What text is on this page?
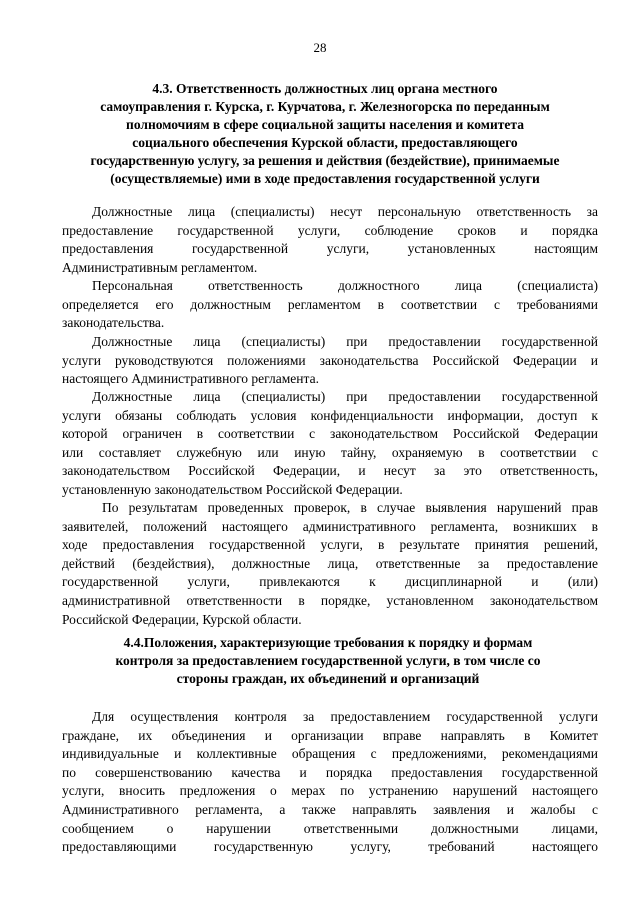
28
4.3. Ответственность должностных лиц органа местного
самоуправления г. Курска, г. Курчатова, г. Железногорска по переданным
полномочиям в сфере социальной защиты населения и комитета
социального обеспечения Курской области, предоставляющего
государственную услугу, за решения и действия (бездействие), принимаемые
(осуществляемые) ими в ходе предоставления государственной услуги
Должностные лица (специалисты) несут персональную ответственность за
предоставление государственной услуги, соблюдение сроков и порядка
предоставления государственной услуги, установленных настоящим
Административным регламентом.
Персональная ответственность должностного лица (специалиста)
определяется его должностным регламентом в соответствии с требованиями
законодательства.
Должностные лица (специалисты) при предоставлении государственной
услуги руководствуются положениями законодательства Российской Федерации и
настоящего Административного регламента.
Должностные лица (специалисты) при предоставлении государственной
услуги обязаны соблюдать условия конфиденциальности информации, доступ к
которой ограничен в соответствии с законодательством Российской Федерации
или составляет служебную или иную тайну, охраняемую в соответствии с
законодательством Российской Федерации, и несут за это ответственность,
установленную законодательством Российской Федерации.
По результатам проведенных проверок, в случае выявления нарушений прав
заявителей, положений настоящего административного регламента, возникших в
ходе предоставления государственной услуги, в результате принятия решений,
действий (бездействия), должностные лица, ответственные за предоставление
государственной услуги, привлекаются к дисциплинарной и (или)
административной ответственности в порядке, установленном законодательством
Российской Федерации, Курской области.
4.4.Положения, характеризующие требования к порядку и формам
контроля за предоставлением государственной услуги, в том числе со
стороны граждан, их объединений и организаций
Для осуществления контроля за предоставлением государственной услуги
граждане, их объединения и организации вправе направлять в Комитет
индивидуальные и коллективные обращения с предложениями, рекомендациями
по совершенствованию качества и порядка предоставления государственной
услуги, вносить предложения о мерах по устранению нарушений настоящего
Административного регламента, а также направлять заявления и жалобы с
сообщением о нарушении ответственными должностными лицами,
предоставляющими государственную услугу, требований настоящего
